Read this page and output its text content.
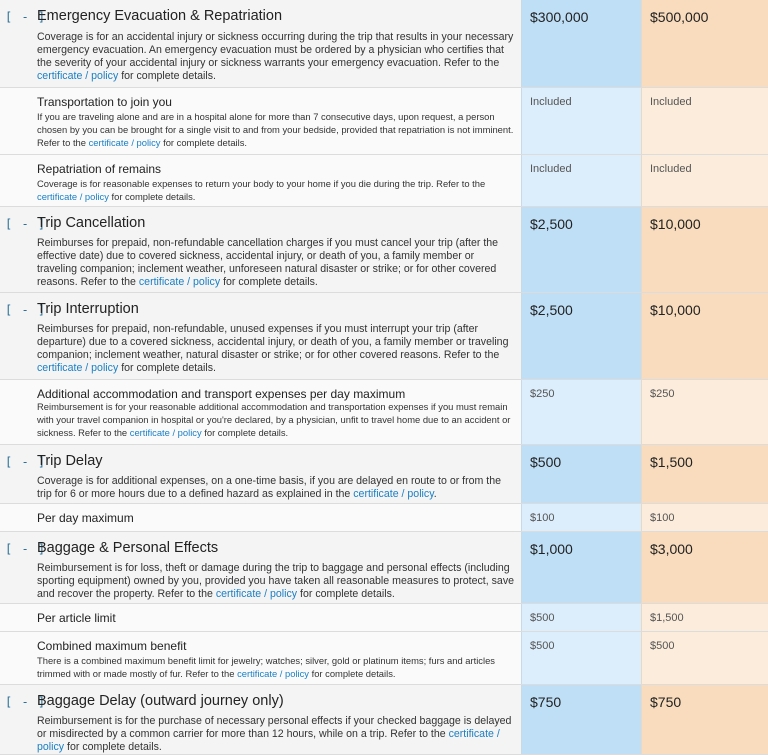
[ - ]
Emergency Evacuation & Repatriation
Coverage is for an accidental injury or sickness occurring during the trip that results in your necessary emergency evacuation. An emergency evacuation must be ordered by a physician who certifies that the severity of your accidental injury or sickness warrants your emergency evacuation. Refer to the certificate / policy for complete details.
$300,000	$500,000
Transportation to join you
If you are traveling alone and are in a hospital alone for more than 7 consecutive days, upon request, a person chosen by you can be brought for a single visit to and from your bedside, provided that repatriation is not imminent. Refer to the certificate / policy for complete details.
Included	Included
Repatriation of remains
Coverage is for reasonable expenses to return your body to your home if you die during the trip. Refer to the certificate / policy for complete details.
Included	Included
[ - ]
Trip Cancellation
Reimburses for prepaid, non-refundable cancellation charges if you must cancel your trip (after the effective date) due to covered sickness, accidental injury, or death of you, a family member or traveling companion; inclement weather, unforeseen natural disaster or strike; or for other covered reasons. Refer to the certificate / policy for complete details.
$2,500	$10,000
[ - ]
Trip Interruption
Reimburses for prepaid, non-refundable, unused expenses if you must interrupt your trip (after departure) due to a covered sickness, accidental injury, or death of you, a family member or traveling companion; inclement weather, natural disaster or strike; or for other covered reasons. Refer to the certificate / policy for complete details.
$2,500	$10,000
Additional accommodation and transport expenses per day maximum
Reimbursement is for your reasonable additional accommodation and transportation expenses if you must remain with your travel companion in hospital or you're declared, by a physician, unfit to travel home due to an accident or sickness. Refer to the certificate / policy for complete details.
$250	$250
[ - ]
Trip Delay
Coverage is for additional expenses, on a one-time basis, if you are delayed en route to or from the trip for 6 or more hours due to a defined hazard as explained in the certificate / policy.
$500	$1,500
Per day maximum	$100	$100
[ - ]
Baggage & Personal Effects
Reimbursement is for loss, theft or damage during the trip to baggage and personal effects (including sporting equipment) owned by you, provided you have taken all reasonable measures to protect, save and recover the property. Refer to the certificate / policy for complete details.
$1,000	$3,000
Per article limit	$500	$1,500
Combined maximum benefit
There is a combined maximum benefit limit for jewelry; watches; silver, gold or platinum items; furs and articles trimmed with or made mostly of fur. Refer to the certificate / policy for complete details.
$500	$500
[ - ]
Baggage Delay (outward journey only)
Reimbursement is for the purchase of necessary personal effects if your checked baggage is delayed or misdirected by a common carrier for more than 12 hours, while on a trip. Refer to the certificate / policy for complete details.
$750	$750
